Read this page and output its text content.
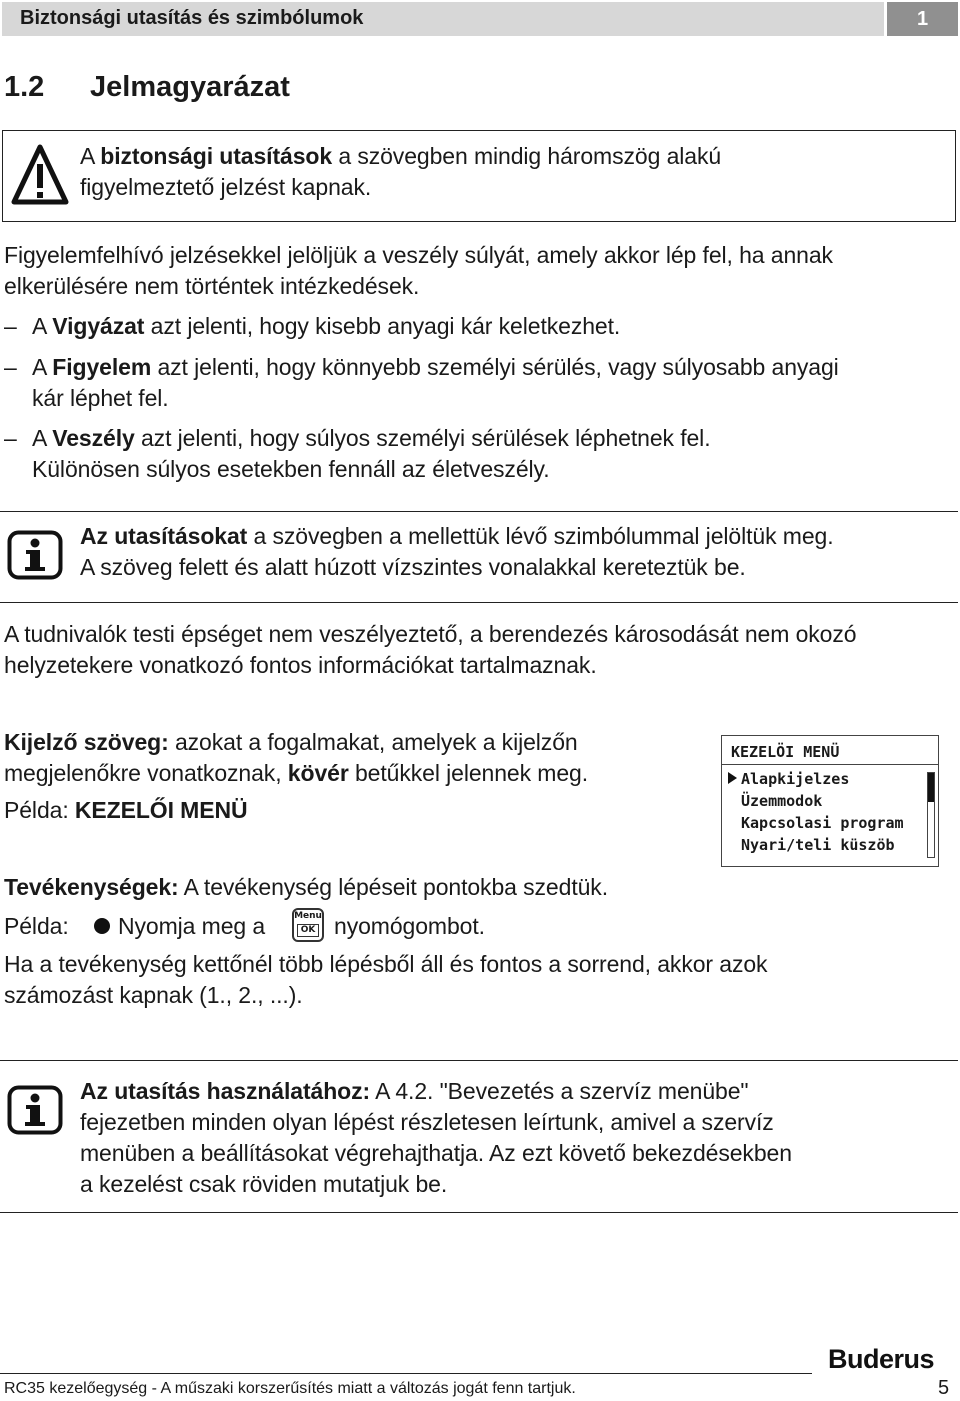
Biztonsági utasítás és szimbólumok	1
1.2 Jelmagyarázat
A biztonsági utasítások a szövegben mindig háromszög alakú
figyelmeztető jelzést kapnak.
Figyelemfelhívó jelzésekkel jelöljük a veszély súlyát, amely akkor lép fel, ha annak
elkerülésére nem történtek intézkedések.
– A Vigyázat azt jelenti, hogy kisebb anyagi kár keletkezhet.
– A Figyelem azt jelenti, hogy könnyebb személyi sérülés, vagy súlyosabb anyagi
kár léphet fel.
– A Veszély azt jelenti, hogy súlyos személyi sérülések léphetnek fel.
Különösen súlyos esetekben fennáll az életveszély.
Az utasításokat a szövegben a mellettük lévő szimbólummal jelöltük meg.
A szöveg felett és alatt húzott vízszintes vonalakkal kereteztük be.
A tudnivalók testi épséget nem veszélyeztető, a berendezés károsodását nem okozó
helyzetekere vonatkozó fontos információkat tartalmaznak.
Kijelző szöveg: azokat a fogalmakat, amelyek a kijelzőn
megjelenőkre vonatkoznak, kövér betűkkel jelennek meg.
Példa: KEZELŐI MENÜ
KEZELÖI MENÜ
Alapkijelzes
Üzemmodok
Kapcsolasi program
Nyari/teli küszöb
Tevékenységek: A tevékenység lépéseit pontokba szedtük.
Példa: Nyomja meg a	Menu
OK nyomógombot.
Ha a tevékenység kettőnél több lépésből áll és fontos a sorrend, akkor azok
számozást kapnak (1., 2., ...).
Az utasítás használatához: A 4.2. "Bevezetés a szervíz menübe"
fejezetben minden olyan lépést részletesen leírtunk, amivel a szervíz
menüben a beállításokat végrehajthatja. Az ezt követő bekezdésekben
a kezelést csak röviden mutatjuk be.
Buderus
RC35 kezelőegység - A műszaki korszerűsítés miatt a változás jogát fenn tartjuk.	5
